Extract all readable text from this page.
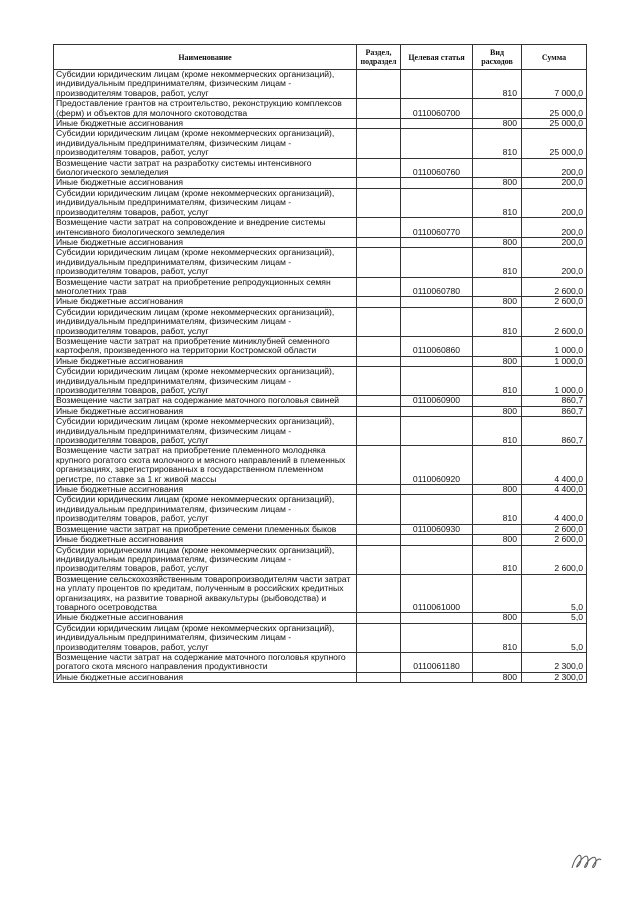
Наименование	Раздел, подраздел	Целевая статья	Вид расходов	Сумма
Субсидии юридическим лицам (кроме некоммерческих организаций), индивидуальным предпринимателям, физическим лицам - производителям товаров, работ, услуг			810	7 000,0
Предоставление грантов на строительство, реконструкцию комплексов (ферм) и объектов для молочного скотоводства		0110060700		25 000,0
Иные бюджетные ассигнования			800	25 000,0
Субсидии юридическим лицам (кроме некоммерческих организаций), индивидуальным предпринимателям, физическим лицам - производителям товаров, работ, услуг			810	25 000,0
Возмещение части затрат на разработку системы интенсивного биологического земледелия		0110060760		200,0
Иные бюджетные ассигнования			800	200,0
Субсидии юридическим лицам (кроме некоммерческих организаций), индивидуальным предпринимателям, физическим лицам - производителям товаров, работ, услуг			810	200,0
Возмещение части затрат на сопровождение и внедрение системы интенсивного биологического земледелия		0110060770		200,0
Иные бюджетные ассигнования			800	200,0
Субсидии юридическим лицам (кроме некоммерческих организаций), индивидуальным предпринимателям, физическим лицам - производителям товаров, работ, услуг			810	200,0
Возмещение части затрат на приобретение репродукционных семян многолетних трав		0110060780		2 600,0
Иные бюджетные ассигнования			800	2 600,0
Субсидии юридическим лицам (кроме некоммерческих организаций), индивидуальным предпринимателям, физическим лицам - производителям товаров, работ, услуг			810	2 600,0
Возмещение части затрат на приобретение миниклубней семенного картофеля, произведенного на территории Костромской области		0110060860		1 000,0
Иные бюджетные ассигнования			800	1 000,0
Субсидии юридическим лицам (кроме некоммерческих организаций), индивидуальным предпринимателям, физическим лицам - производителям товаров, работ, услуг			810	1 000,0
Возмещение части затрат на содержание маточного поголовья свиней		0110060900		860,7
Иные бюджетные ассигнования			800	860,7
Субсидии юридическим лицам (кроме некоммерческих организаций), индивидуальным предпринимателям, физическим лицам - производителям товаров, работ, услуг			810	860,7
Возмещение части затрат на приобретение племенного молодняка крупного рогатого скота молочного и мясного направлений в племенных организациях, зарегистрированных в государственном племенном регистре, по ставке за 1 кг живой массы		0110060920		4 400,0
Иные бюджетные ассигнования			800	4 400,0
Субсидии юридическим лицам (кроме некоммерческих организаций), индивидуальным предпринимателям, физическим лицам - производителям товаров, работ, услуг			810	4 400,0
Возмещение части затрат на приобретение семени племенных быков		0110060930		2 600,0
Иные бюджетные ассигнования			800	2 600,0
Субсидии юридическим лицам (кроме некоммерческих организаций), индивидуальным предпринимателям, физическим лицам - производителям товаров, работ, услуг			810	2 600,0
Возмещение сельскохозяйственным товаропроизводителям части затрат на уплату процентов по кредитам, полученным в российских кредитных организациях, на развитие товарной аквакультуры (рыбоводства) и товарного осетроводства		0110061000		5,0
Иные бюджетные ассигнования			800	5,0
Субсидии юридическим лицам (кроме некоммерческих организаций), индивидуальным предпринимателям, физическим лицам - производителям товаров, работ, услуг			810	5,0
Возмещение части затрат на содержание маточного поголовья крупного рогатого скота мясного направления продуктивности		0110061180		2 300,0
Иные бюджетные ассигнования			800	2 300,0
